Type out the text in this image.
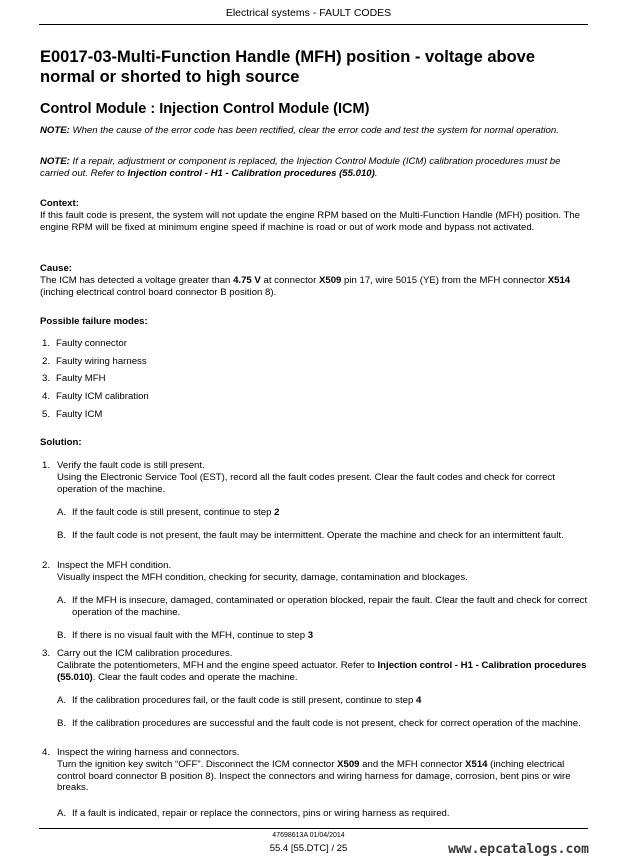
Electrical systems - FAULT CODES
E0017-03-Multi-Function Handle (MFH) position - voltage above normal or shorted to high source
Control Module : Injection Control Module (ICM)
NOTE: When the cause of the error code has been rectified, clear the error code and test the system for normal operation.
NOTE: If a repair, adjustment or component is replaced, the Injection Control Module (ICM) calibration procedures must be carried out. Refer to Injection control - H1 - Calibration procedures (55.010).
Context:
If this fault code is present, the system will not update the engine RPM based on the Multi-Function Handle (MFH) position. The engine RPM will be fixed at minimum engine speed if machine is road or out of work mode and bypass not activated.
Cause:
The ICM has detected a voltage greater than 4.75 V at connector X509 pin 17, wire 5015 (YE) from the MFH connector X514 (inching electrical control board connector B position 8).
Possible failure modes:
1. Faulty connector
2. Faulty wiring harness
3. Faulty MFH
4. Faulty ICM calibration
5. Faulty ICM
Solution:
1. Verify the fault code is still present.
Using the Electronic Service Tool (EST), record all the fault codes present. Clear the fault codes and check for correct operation of the machine.
A. If the fault code is still present, continue to step 2
B. If the fault code is not present, the fault may be intermittent. Operate the machine and check for an intermittent fault.
2. Inspect the MFH condition.
Visually inspect the MFH condition, checking for security, damage, contamination and blockages.
A. If the MFH is insecure, damaged, contaminated or operation blocked, repair the fault. Clear the fault and check for correct operation of the machine.
B. If there is no visual fault with the MFH, continue to step 3
3. Carry out the ICM calibration procedures.
Calibrate the potentiometers, MFH and the engine speed actuator. Refer to Injection control - H1 - Calibration procedures (55.010). Clear the fault codes and operate the machine.
A. If the calibration procedures fail, or the fault code is still present, continue to step 4
B. If the calibration procedures are successful and the fault code is not present, check for correct operation of the machine.
4. Inspect the wiring harness and connectors.
Turn the ignition key switch “OFF”. Disconnect the ICM connector X509 and the MFH connector X514 (inching electrical control board connector B position 8). Inspect the connectors and wiring harness for damage, corrosion, bent pins or wire breaks.
A. If a fault is indicated, repair or replace the connectors, pins or wiring harness as required.
47698613A 01/04/2014
55.4 [55.DTC] / 25	www.epcatalogs.com
